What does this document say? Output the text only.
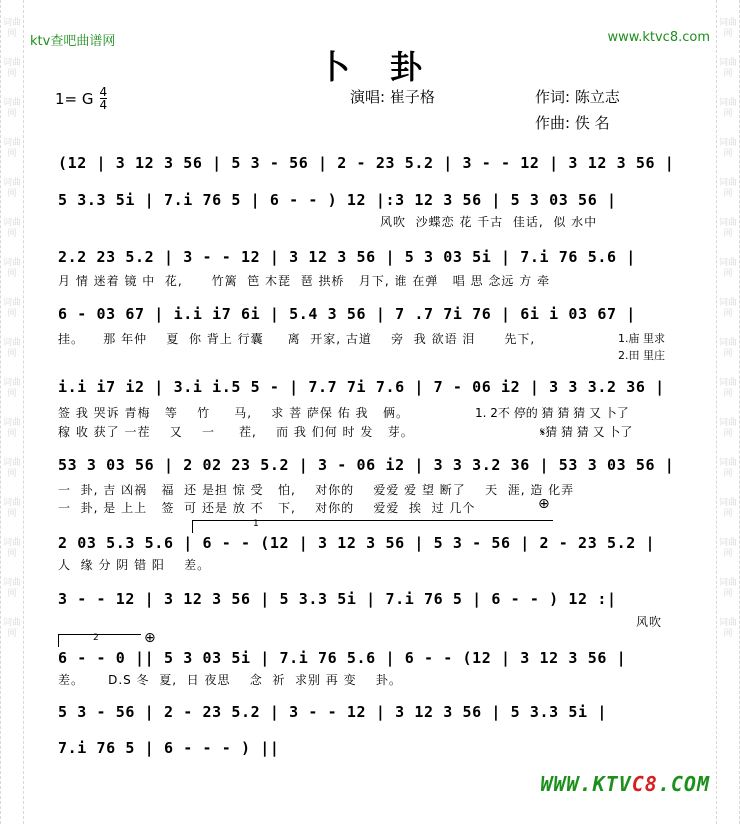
词曲网
词曲网
词曲网
词曲网
词曲网
词曲网
词曲网
词曲网
词曲网
词曲网
词曲网
词曲网
词曲网
词曲网
词曲网
词曲网
词曲网
词曲网
词曲网
词曲网
词曲网
词曲网
词曲网
词曲网
词曲网
词曲网
词曲网
词曲网
词曲网
词曲网
词曲网
词曲网
ktv查吧曲谱网	www.ktvc8.com
卜卦
1= G $\frac{4}{4}$	演唱: 崔子格	作词: 陈立志
作曲: 佚 名
(12 | 3 12 3 56 | 5 3 - 56 | 2 - 23 5.2 | 3 - - 12 | 3 12 3 56 |
5 3.3 5i | 7.i 76 5 | 6 - - ) 12 |:3 12 3 56 | 5 3 03 56 |
风吹  沙蝶恋 花 千古  佳话,  似 水中
2.2 23 5.2 | 3 - - 12 | 3 12 3 56 | 5 3 03 5i | 7.i 76 5.6 |
月 情 迷着 镜 中  花,      竹篱  笆 木琵  琶 拱桥   月下, 谁 在弹   唱 思 念远 方 牵
6 - 03 67 | i.i i7 6i | 5.4 3 56 | 7 .7 7i 76 | 6i i 03 67 |
挂。    那 年仲    夏  你 背上 行囊     离  开家, 古道    旁  我 欲语 泪      先下,	1.庙 里求
2.田 里庄
i.i i7 i2 | 3.i i.5 5 - | 7.7 7i 7.6 | 7 - 06 i2 | 3 3 3.2 36 |
签 我 哭诉 青梅   等    竹     马,    求 菩 萨保 佑 我   俩。	1. 2不 停的 猜 猜 猜 又 卜了
稼 收 获了 一茬    又    一     茬,    而 我 们何 时 发   芽。	𝄋猜 猜 猜 又 卜了
53 3 03 56 | 2 02 23 5.2 | 3 - 06 i2 | 3 3 3.2 36 | 53 3 03 56 |
一  卦, 吉 凶祸   福  还 是担 惊 受   怕,    对你的    爱爱 爱 望 断了    天  涯, 造 化弄
一  卦, 是 上上   签  可 还是 放 不   下,    对你的    爱爱  挨  过 几个	⊕
1
2 03 5.3 5.6 | 6 - - (12 | 3 12 3 56 | 5 3 - 56 | 2 - 23 5.2 |
人  缘 分 阴 错 阳    差。
3 - - 12 | 3 12 3 56 | 5 3.3 5i | 7.i 76 5 | 6 - - ) 12 :|
风吹
2	⊕
6 - - 0 || 5 3 03 5i | 7.i 76 5.6 | 6 - - (12 | 3 12 3 56 |
差。     D.S 冬  夏,  日 夜思    念  祈  求别 再 变    卦。
5 3 - 56 | 2 - 23 5.2 | 3 - - 12 | 3 12 3 56 | 5 3.3 5i |
7.i 76 5 | 6 - - - ) ||
WWW.KTVC8.COM
